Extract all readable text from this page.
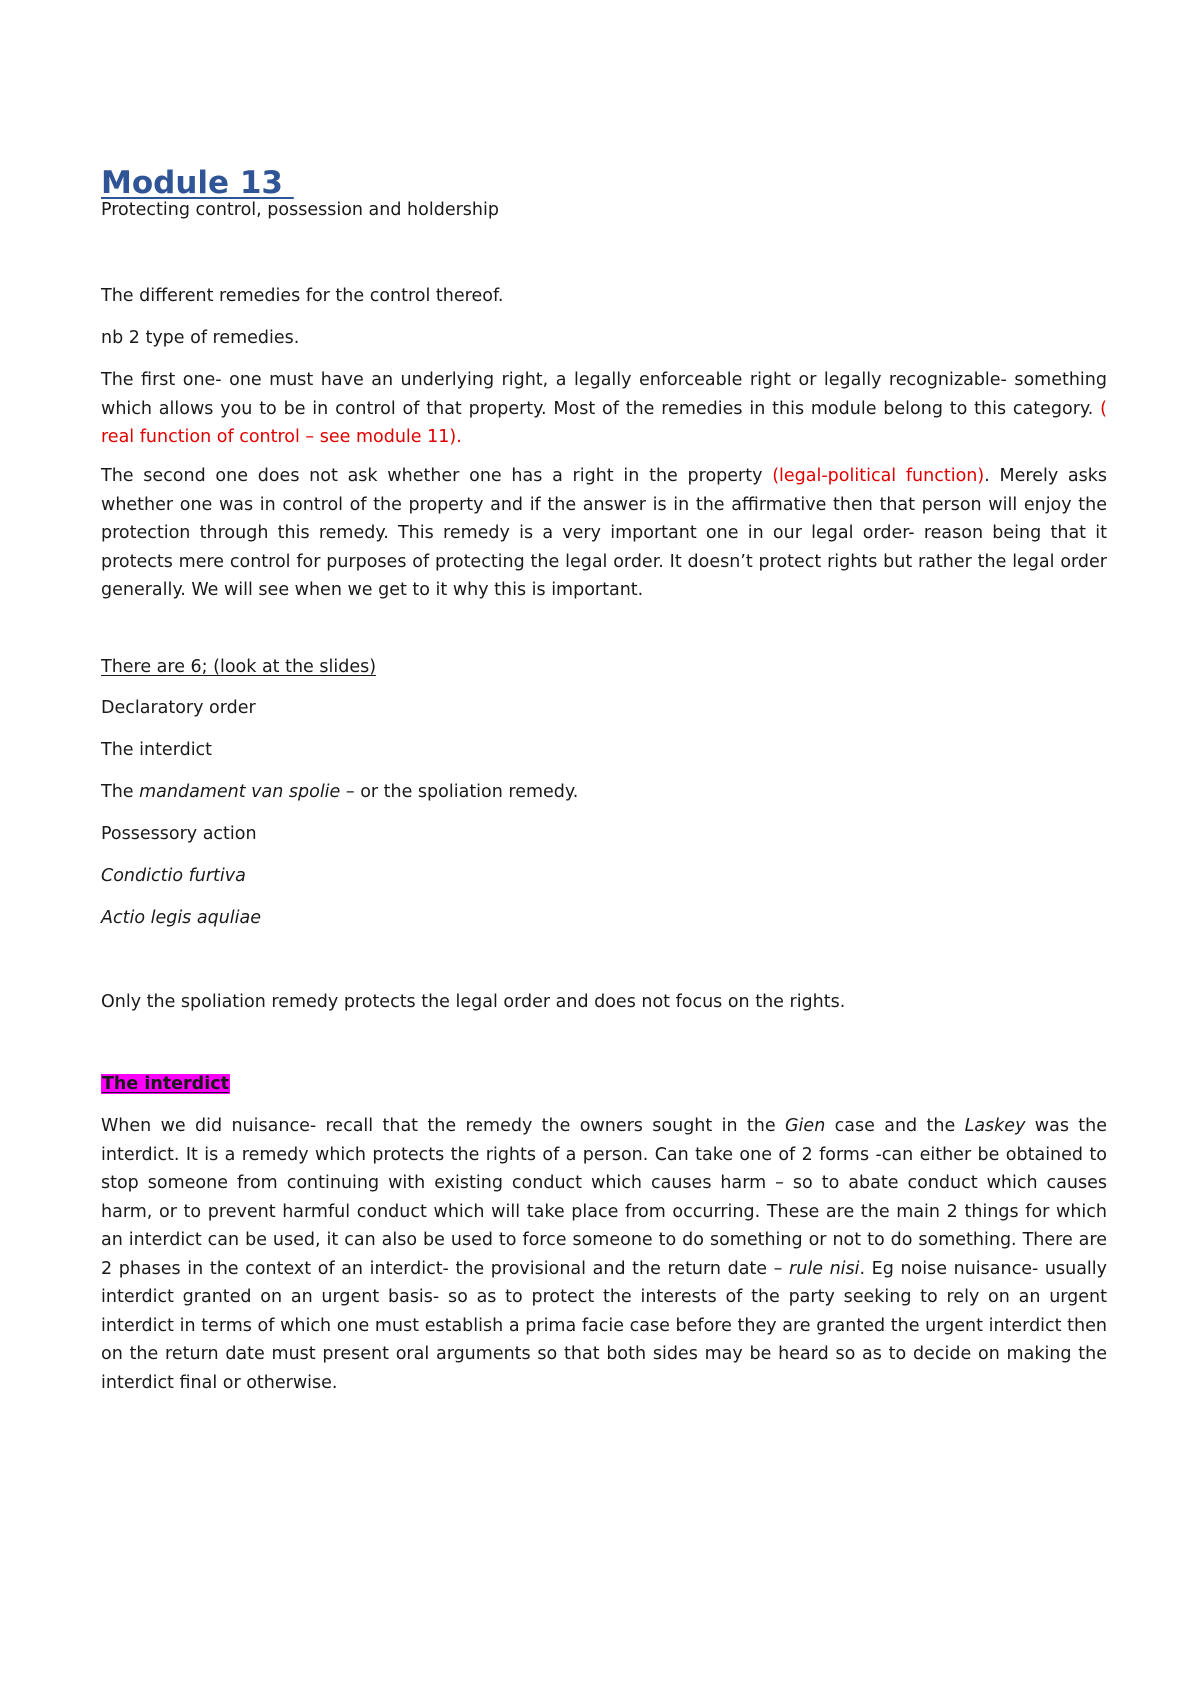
Module 13

Protecting control, possession and holdership

The different remedies for the control thereof.

nb 2 type of remedies.

The first one- one must have an underlying right, a legally enforceable right or legally recognizable- something which allows you to be in control of that property. Most of the remedies in this module belong to this category. ( real function of control – see module 11).

The second one does not ask whether one has a right in the property (legal-political function). Merely asks whether one was in control of the property and if the answer is in the affirmative then that person will enjoy the protection through this remedy. This remedy is a very important one in our legal order- reason being that it protects mere control for purposes of protecting the legal order. It doesn’t protect rights but rather the legal order generally. We will see when we get to it why this is important.

There are 6; (look at the slides)

Declaratory order

The interdict

The mandament van spolie – or the spoliation remedy.

Possessory action

Condictio furtiva

Actio legis aquliae

Only the spoliation remedy protects the legal order and does not focus on the rights.

The interdict

When we did nuisance- recall that the remedy the owners sought in the Gien case and the Laskey was the interdict. It is a remedy which protects the rights of a person. Can take one of 2 forms -can either be obtained to stop someone from continuing with existing conduct which causes harm – so to abate conduct which causes harm, or to prevent harmful conduct which will take place from occurring. These are the main 2 things for which an interdict can be used, it can also be used to force someone to do something or not to do something. There are 2 phases in the context of an interdict- the provisional and the return date – rule nisi. Eg noise nuisance- usually interdict granted on an urgent basis- so as to protect the interests of the party seeking to rely on an urgent interdict in terms of which one must establish a prima facie case before they are granted the urgent interdict then on the return date must present oral arguments so that both sides may be heard so as to decide on making the interdict final or otherwise.
